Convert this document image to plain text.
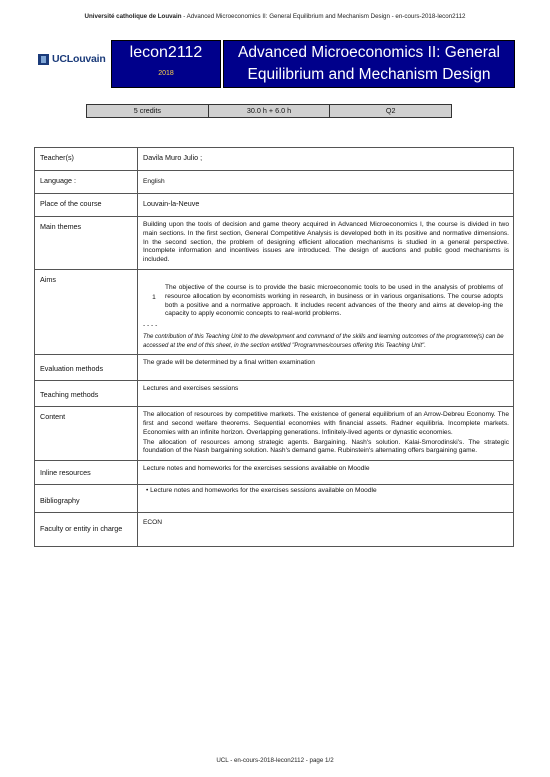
Université catholique de Louvain - Advanced Microeconomics II: General Equilibrium and Mechanism Design - en-cours-2018-lecon2112
UCLouvain	lecon2112
2018
Advanced Microeconomics II: General Equilibrium and Mechanism Design
5 credits	30.0 h + 6.0 h	Q2
Teacher(s)	Davila Muro Julio ;
Language :	English
Place of the course	Louvain-la-Neuve
Main themes	Building upon the tools of decision and game theory acquired in Advanced Microeconomics I, the course is divided in two main sections. In the first section, General Competitive Analysis is developed both in its positive and normative dimensions. In the second section, the problem of designing efficient allocation mechanisms is studied in a general perspective. Incomplete information and incentives issues are introduced. The design of auctions and public good mechanisms is included.
Aims	1
The objective of the course is to provide the basic microeconomic tools to be used in the analysis of problems of resource allocation by economists working in research, in business or in various organisations. The course adopts both a positive and a normative approach. It includes recent advances of the theory and aims at develop-ing the capacity to apply economic concepts to real-world problems.
- - - -
The contribution of this Teaching Unit to the development and command of the skills and learning outcomes of the programme(s) can be accessed at the end of this sheet, in the section entitled "Programmes/courses offering this Teaching Unit".

Evaluation methods	The grade will be determined by a final written examination
Teaching methods	Lectures and exercises sessions
Content	The allocation of resources by competitive markets. The existence of general equilibrium of an Arrow-Debreu Economy. The first and second welfare theorems. Sequential economies with financial assets. Radner equilibria. Incomplete markets. Economies with an infinite horizon. Overlapping generations. Infinitely-lived agents or dynastic economies.
The allocation of resources among strategic agents. Bargaining. Nash's solution. Kalai-Smorodinski's. The strategic foundation of the Nash bargaining solution. Nash's demand game. Rubinstein's alternating offers bargaining game.

Inline resources	Lecture notes and homeworks for the exercises sessions available on Moodle
Bibliography	• Lecture notes and homeworks for the exercises sessions available on Moodle
Faculty or entity in charge	ECON
UCL - en-cours-2018-lecon2112 - page 1/2
